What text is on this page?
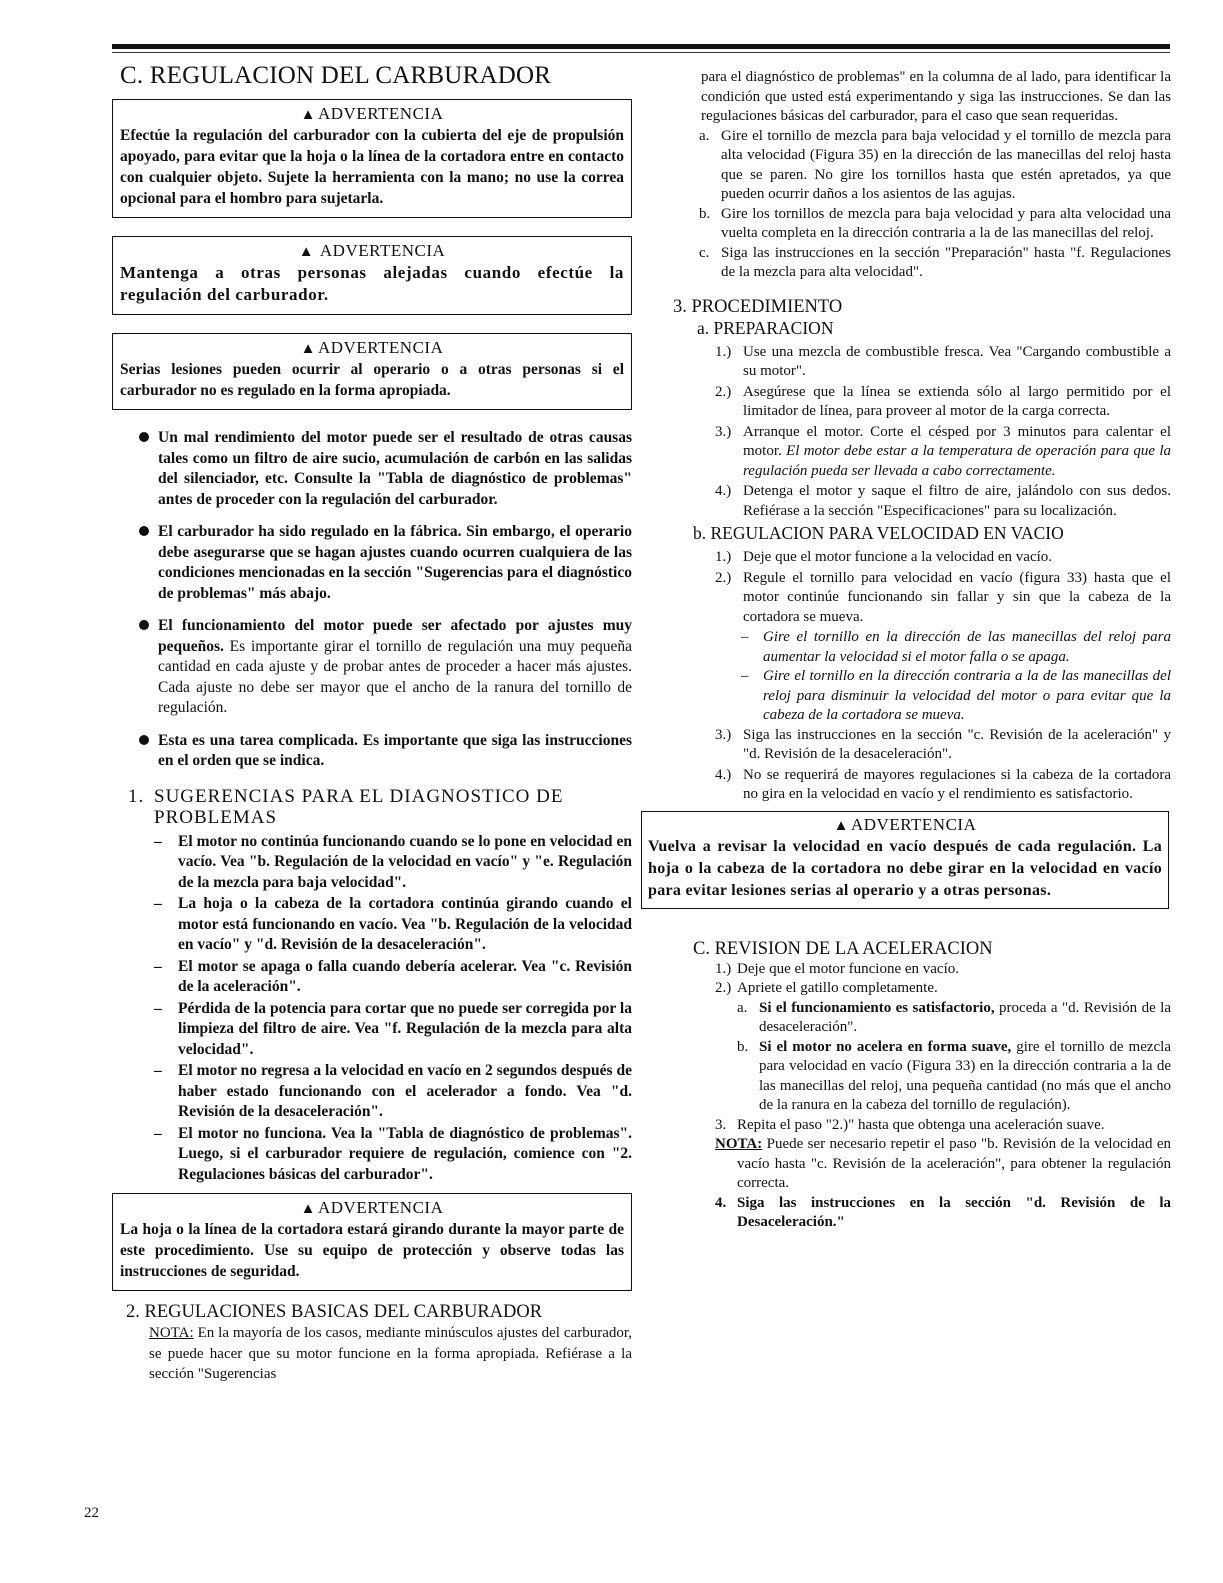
C. REGULACION DEL CARBURADOR
▲ ADVERTENCIA
Efectúe la regulación del carburador con la cubierta del eje de propulsión apoyado, para evitar que la hoja o la línea de la cortadora entre en contacto con cualquier objeto. Sujete la herramienta con la mano; no use la correa opcional para el hombro para sujetarla.
▲ ADVERTENCIA
Mantenga a otras personas alejadas cuando efectúe la regulación del carburador.
▲ ADVERTENCIA
Serias lesiones pueden ocurrir al operario o a otras personas si el carburador no es regulado en la forma apropiada.
Un mal rendimiento del motor puede ser el resultado de otras causas tales como un filtro de aire sucio, acumulación de carbón en las salidas del silenciador, etc. Consulte la "Tabla de diagnóstico de problemas" antes de proceder con la regulación del carburador.
El carburador ha sido regulado en la fábrica. Sin embargo, el operario debe asegurarse que se hagan ajustes cuando ocurren cualquiera de las condiciones mencionadas en la sección "Sugerencias para el diagnóstico de problemas" más abajo.
El funcionamiento del motor puede ser afectado por ajustes muy pequeños. Es importante girar el tornillo de regulación una muy pequeña cantidad en cada ajuste y de probar antes de proceder a hacer más ajustes. Cada ajuste no debe ser mayor que el ancho de la ranura del tornillo de regulación.
Esta es una tarea complicada. Es importante que siga las instrucciones en el orden que se indica.
1. SUGERENCIAS PARA EL DIAGNOSTICO DE
PROBLEMAS
– El motor no continúa funcionando cuando se lo pone en velocidad en vacío. Vea "b. Regulación de la velocidad en vacío" y "e. Regulación de la mezcla para baja velocidad".
– La hoja o la cabeza de la cortadora continúa girando cuando el motor está funcionando en vacío. Vea "b. Regulación de la velocidad en vacío" y "d. Revisión de la desaceleración".
– El motor se apaga o falla cuando debería acelerar. Vea "c. Revisión de la aceleración".
– Pérdida de la potencia para cortar que no puede ser corregida por la limpieza del filtro de aire. Vea "f. Regulación de la mezcla para alta velocidad".
– El motor no regresa a la velocidad en vacío en 2 segundos después de haber estado funcionando con el acelerador a fondo. Vea "d. Revisión de la desaceleración".
– El motor no funciona. Vea la "Tabla de diagnóstico de problemas". Luego, si el carburador requiere de regulación, comience con "2. Regulaciones básicas del carburador".
▲ ADVERTENCIA
La hoja o la línea de la cortadora estará girando durante la mayor parte de este procedimiento. Use su equipo de protección y observe todas las instrucciones de seguridad.
2. REGULACIONES BASICAS DEL CARBURADOR
NOTA: En la mayoría de los casos, mediante minúsculos ajustes del carburador, se puede hacer que su motor funcione en la forma apropiada. Refiérase a la sección "Sugerencias
22
para el diagnóstico de problemas" en la columna de al lado, para identificar la condición que usted está experimentando y siga las instrucciones. Se dan las regulaciones básicas del carburador, para el caso que sean requeridas.
a. Gire el tornillo de mezcla para baja velocidad y el tornillo de mezcla para alta velocidad (Figura 35) en la dirección de las manecillas del reloj hasta que se paren. No gire los tornillos hasta que estén apretados, ya que pueden ocurrir daños a los asientos de las agujas.
b. Gire los tornillos de mezcla para baja velocidad y para alta velocidad una vuelta completa en la dirección contraria a la de las manecillas del reloj.
c. Siga las instrucciones en la sección "Preparación" hasta "f. Regulaciones de la mezcla para alta velocidad".
3. PROCEDIMIENTO
a. PREPARACION
1.) Use una mezcla de combustible fresca. Vea "Cargando combustible a su motor".
2.) Asegúrese que la línea se extienda sólo al largo permitido por el limitador de línea, para proveer al motor de la carga correcta.
3.) Arranque el motor. Corte el césped por 3 minutos para calentar el motor. El motor debe estar a la temperatura de operación para que la regulación pueda ser llevada a cabo correctamente.
4.) Detenga el motor y saque el filtro de aire, jalándolo con sus dedos. Refiérase a la sección "Especificaciones" para su localización.
b. REGULACION PARA VELOCIDAD EN VACIO
1.) Deje que el motor funcione a la velocidad en vacío.
2.) Regule el tornillo para velocidad en vacío (figura 33) hasta que el motor continúe funcionando sin fallar y sin que la cabeza de la cortadora se mueva.
– Gire el tornillo en la dirección de las manecillas del reloj para aumentar la velocidad si el motor falla o se apaga.
– Gire el tornillo en la dirección contraria a la de las manecillas del reloj para disminuir la velocidad del motor o para evitar que la cabeza de la cortadora se mueva.
3.) Siga las instrucciones en la sección "c. Revisión de la aceleración" y "d. Revisión de la desaceleración".
4.) No se requerirá de mayores regulaciones si la cabeza de la cortadora no gira en la velocidad en vacío y el rendimiento es satisfactorio.
▲ ADVERTENCIA
Vuelva a revisar la velocidad en vacío después de cada regulación. La hoja o la cabeza de la cortadora no debe girar en la velocidad en vacío para evitar lesiones serias al operario y a otras personas.
C. REVISION DE LA ACELERACION
1.) Deje que el motor funcione en vacío.
2.) Apriete el gatillo completamente.
a. Si el funcionamiento es satisfactorio, proceda a "d. Revisión de la desaceleración".
b. Si el motor no acelera en forma suave, gire el tornillo de mezcla para velocidad en vacío (Figura 33) en la dirección contraria a la de las manecillas del reloj, una pequeña cantidad (no más que el ancho de la ranura en la cabeza del tornillo de regulación).
3. Repita el paso "2.)" hasta que obtenga una aceleración suave.
NOTA: Puede ser necesario repetir el paso "b. Revisión de la velocidad en vacío hasta "c. Revisión de la aceleración", para obtener la regulación correcta.
4. Siga las instrucciones en la sección "d. Revisión de la Desaceleración."
